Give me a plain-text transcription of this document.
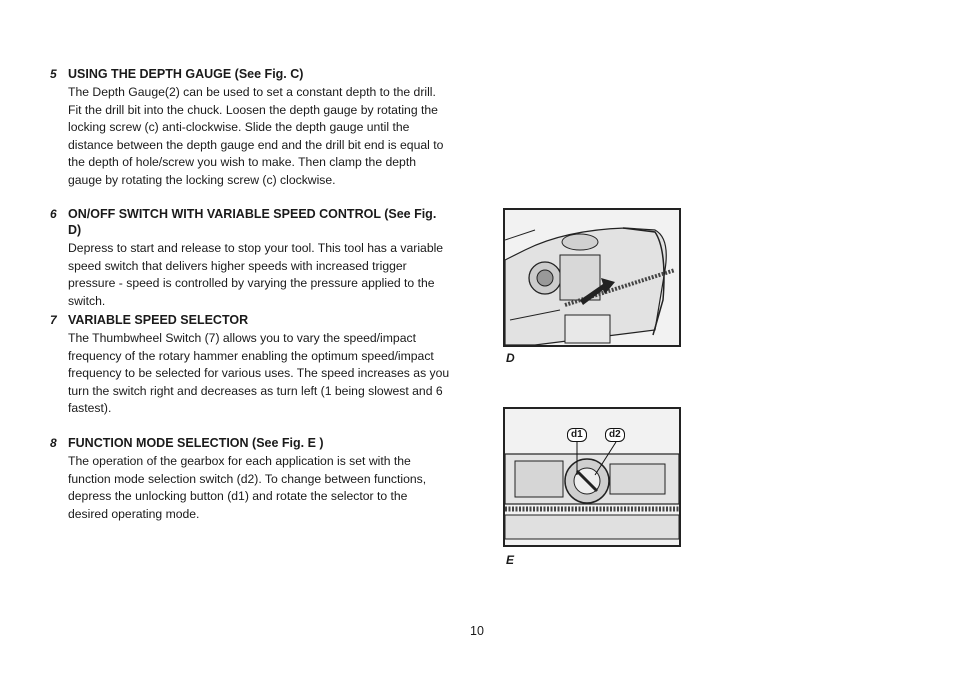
5 USING THE DEPTH GAUGE (See Fig. C)
The Depth Gauge(2) can be used to set a constant depth to the drill. Fit the drill bit into the chuck. Loosen the depth gauge by rotating the locking screw (c) anti-clockwise. Slide the depth gauge until the distance between the depth gauge end and the drill bit end is equal to the depth of hole/screw you wish to make. Then clamp the depth gauge by rotating the locking screw (c) clockwise.
6 ON/OFF SWITCH WITH VARIABLE SPEED CONTROL (See Fig. D)
Depress to start and release to stop your tool. This tool has a variable speed switch that delivers higher speeds with increased trigger pressure - speed is controlled by varying the pressure applied to the switch.
7 VARIABLE SPEED SELECTOR
The Thumbwheel Switch (7) allows you to vary the speed/impact frequency of the rotary hammer enabling the optimum speed/impact frequency to be selected for various uses. The speed increases as you turn the switch right and decreases as turn left (1 being slowest and 6 fastest).
8 FUNCTION MODE SELECTION (See Fig. E )
The operation of the gearbox for each application is set with the function mode selection switch (d2). To change between functions, depress the unlocking button (d1) and rotate the selector to the desired operating mode.
D
d1	d2
E
10
